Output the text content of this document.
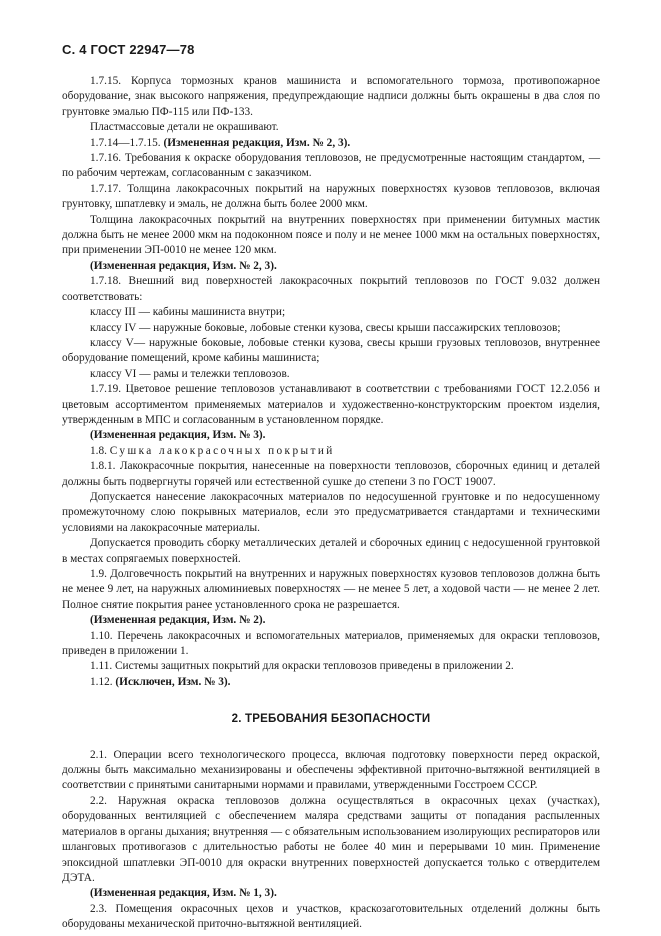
С. 4 ГОСТ 22947—78

1.7.15. Корпуса тормозных кранов машиниста и вспомогательного тормоза, противопожарное оборудование, знак высокого напряжения, предупреждающие надписи должны быть окрашены в два слоя по грунтовке эмалью ПФ-115 или ПФ-133.

Пластмассовые детали не окрашивают.

1.7.14—1.7.15. (Измененная редакция, Изм. № 2, 3).

1.7.16. Требования к окраске оборудования тепловозов, не предусмотренные настоящим стандартом, — по рабочим чертежам, согласованным с заказчиком.

1.7.17. Толщина лакокрасочных покрытий на наружных поверхностях кузовов тепловозов, включая грунтовку, шпатлевку и эмаль, не должна быть более 2000 мкм.

Толщина лакокрасочных покрытий на внутренних поверхностях при применении битумных мастик должна быть не менее 2000 мкм на подоконном поясе и полу и не менее 1000 мкм на остальных поверхностях, при применении ЭП-0010 не менее 120 мкм.

(Измененная редакция, Изм. № 2, 3).

1.7.18. Внешний вид поверхностей лакокрасочных покрытий тепловозов по ГОСТ 9.032 должен соответствовать:

классу III — кабины машиниста внутри;

классу IV — наружные боковые, лобовые стенки кузова, свесы крыши пассажирских тепловозов;

классу V— наружные боковые, лобовые стенки кузова, свесы крыши грузовых тепловозов, внутреннее оборудование помещений, кроме кабины машиниста;

классу VI — рамы и тележки тепловозов.

1.7.19. Цветовое решение тепловозов устанавливают в соответствии с требованиями ГОСТ 12.2.056 и цветовым ассортиментом применяемых материалов и художественно-конструкторским проектом изделия, утвержденным в МПС и согласованным в установленном порядке.

(Измененная редакция, Изм. № 3).

1.8. Сушка лакокрасочных покрытий

1.8.1. Лакокрасочные покрытия, нанесенные на поверхности тепловозов, сборочных единиц и деталей должны быть подвергнуты горячей или естественной сушке до степени 3 по ГОСТ 19007.

Допускается нанесение лакокрасочных материалов по недосушенной грунтовке и по недосушенному промежуточному слою покрывных материалов, если это предусматривается стандартами и техническими условиями на лакокрасочные материалы.

Допускается проводить сборку металлических деталей и сборочных единиц с недосушенной грунтовкой в местах сопрягаемых поверхностей.

1.9. Долговечность покрытий на внутренних и наружных поверхностях кузовов тепловозов должна быть не менее 9 лет, на наружных алюминиевых поверхностях — не менее 5 лет, а ходовой части — не менее 2 лет. Полное снятие покрытия ранее установленного срока не разрешается.

(Измененная редакция, Изм. № 2).

1.10. Перечень лакокрасочных и вспомогательных материалов, применяемых для окраски тепловозов, приведен в приложении 1.

1.11. Системы защитных покрытий для окраски тепловозов приведены в приложении 2.

1.12. (Исключен, Изм. № 3).

2. ТРЕБОВАНИЯ БЕЗОПАСНОСТИ

2.1. Операции всего технологического процесса, включая подготовку поверхности перед окраской, должны быть максимально механизированы и обеспечены эффективной приточно-вытяжной вентиляцией в соответствии с принятыми санитарными нормами и правилами, утвержденными Госстроем СССР.

2.2. Наружная окраска тепловозов должна осуществляться в окрасочных цехах (участках), оборудованных вентиляцией с обеспечением маляра средствами защиты от попадания распыленных материалов в органы дыхания; внутренняя — с обязательным использованием изолирующих респираторов или шланговых противогазов с длительностью работы не более 40 мин и перерывами 10 мин. Применение эпоксидной шпатлевки ЭП-0010 для окраски внутренних поверхностей допускается только с отвердителем ДЭТА.

(Измененная редакция, Изм. № 1, 3).

2.3. Помещения окрасочных цехов и участков, краскозаготовительных отделений должны быть оборудованы механической приточно-вытяжной вентиляцией.
